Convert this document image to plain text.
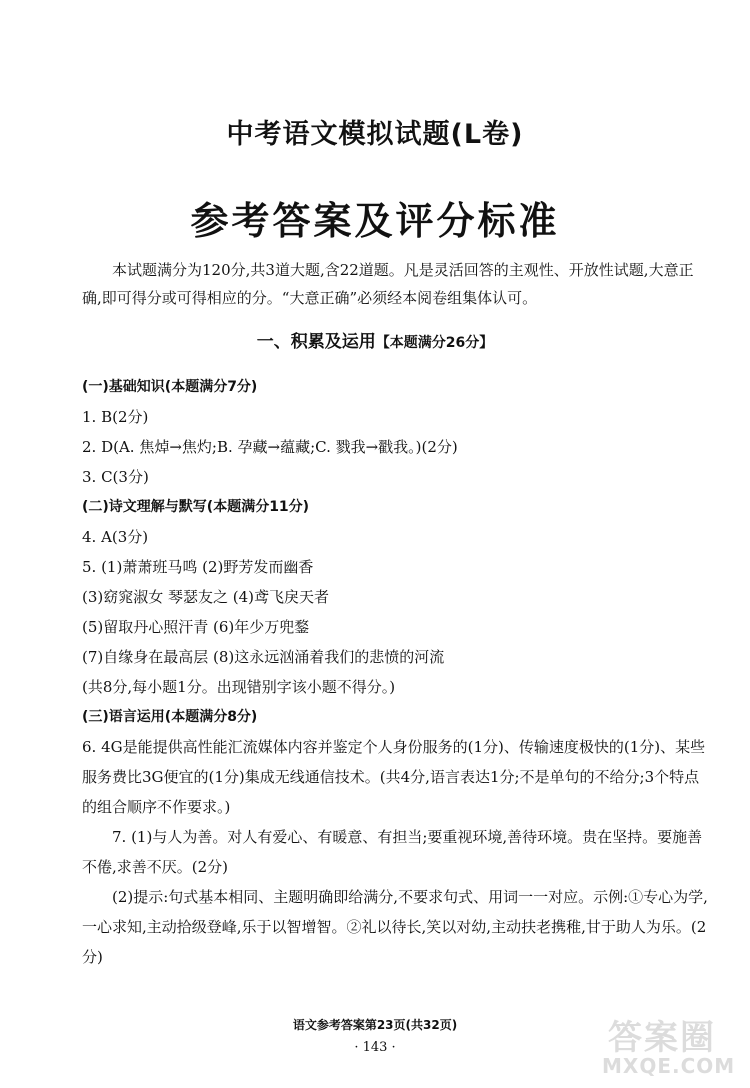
中考语文模拟试题(L卷)
参考答案及评分标准

本试题满分为120分,共3道大题,含22道题。凡是灵活回答的主观性、开放性试题,大意正确,即可得分或可得相应的分。“大意正确”必须经本阅卷组集体认可。

一、积累及运用【本题满分26分】
(一)基础知识(本题满分7分)
1. B(2分)
2. D(A. 焦焯→焦灼;B. 孕藏→蕴藏;C. 戮我→戳我。)(2分)
3. C(3分)
(二)诗文理解与默写(本题满分11分)
4. A(3分)
5. (1)萧萧班马鸣 (2)野芳发而幽香
(3)窈窕淑女 琴瑟友之 (4)鸢飞戾天者
(5)留取丹心照汗青 (6)年少万兜鍪
(7)自缘身在最高层 (8)这永远汹涌着我们的悲愤的河流
(共8分,每小题1分。出现错别字该小题不得分。)
(三)语言运用(本题满分8分)

6. 4G是能提供高性能汇流媒体内容并鉴定个人身份服务的(1分)、传输速度极快的(1分)、某些服务费比3G便宜的(1分)集成无线通信技术。(共4分,语言表达1分;不是单句的不给分;3个特点的组合顺序不作要求。)

7. (1)与人为善。对人有爱心、有暖意、有担当;要重视环境,善待环境。贵在坚持。要施善不倦,求善不厌。(2分)

(2)提示:句式基本相同、主题明确即给满分,不要求句式、用词一一对应。示例:①专心为学,一心求知,主动拾级登峰,乐于以智增智。②礼以待长,笑以对幼,主动扶老携稚,甘于助人为乐。(2分)

语文参考答案第23页(共32页)
· 143 ·	答案圈
MXQE.COM
